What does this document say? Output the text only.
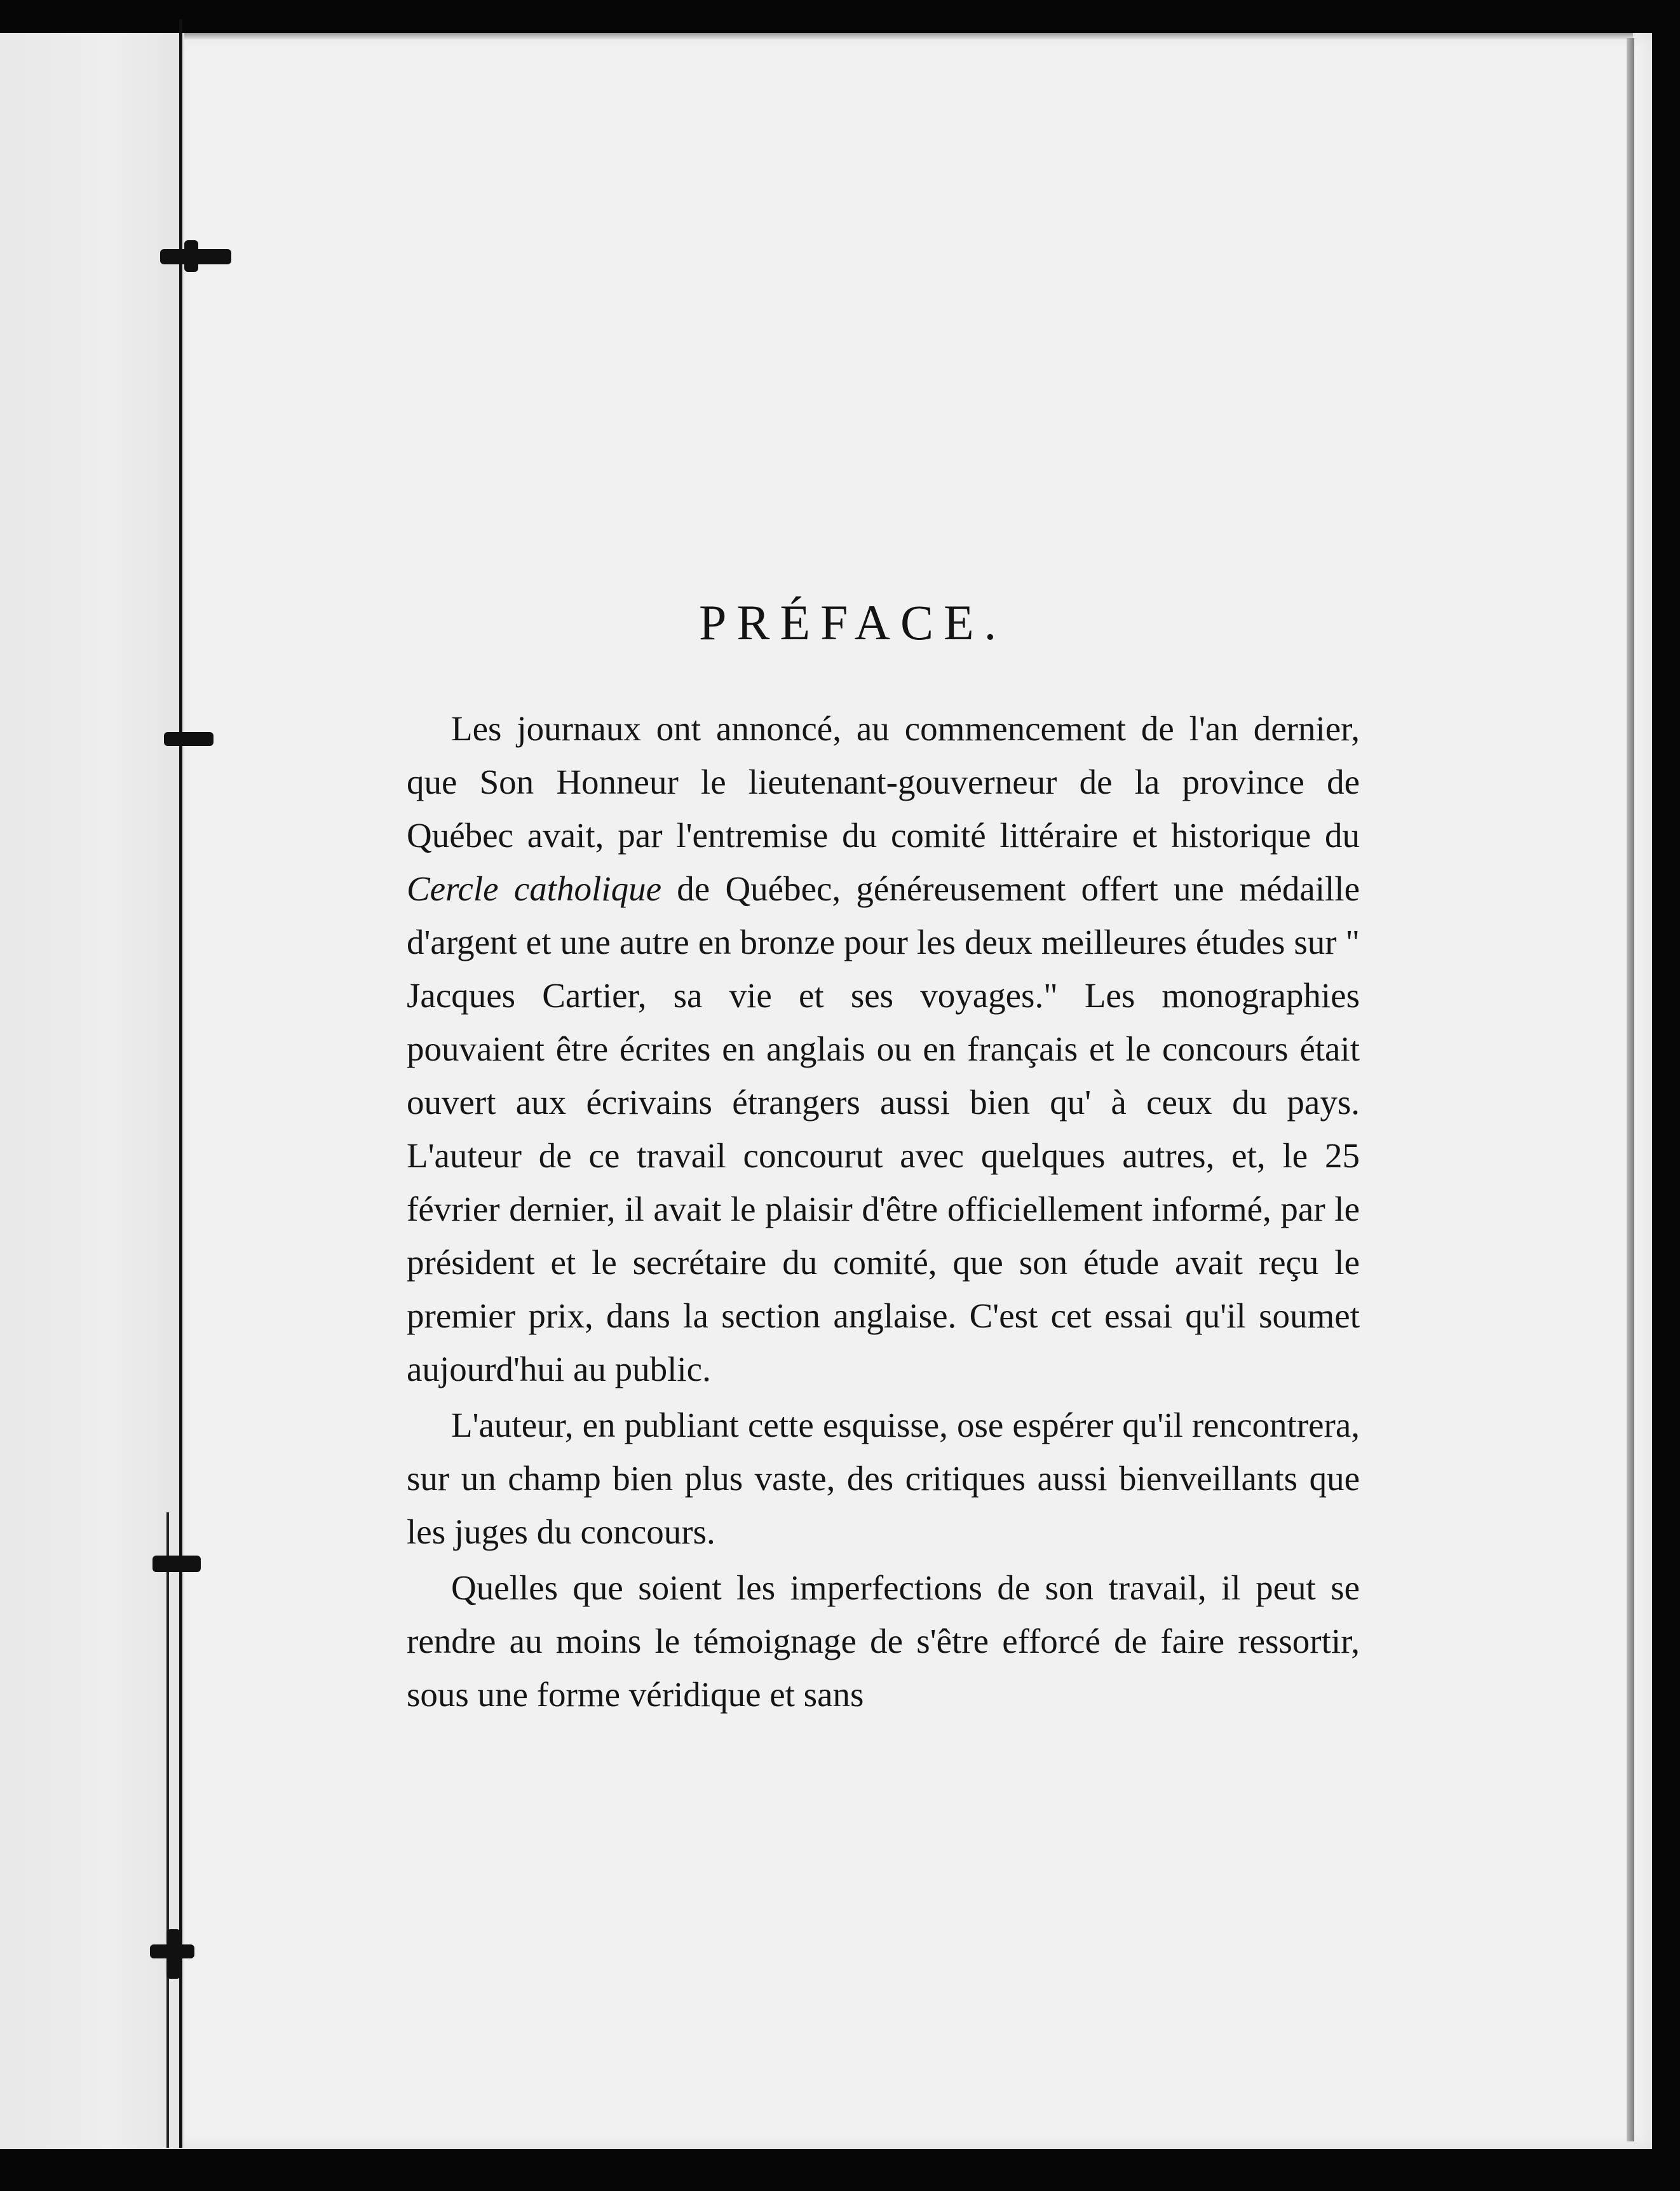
PRÉFACE.

Les journaux ont annoncé, au commencement de l'an dernier, que Son Honneur le lieutenant-gouverneur de la province de Québec avait, par l'entremise du comité littéraire et historique du Cercle catholique de Québec, généreusement offert une médaille d'argent et une autre en bronze pour les deux meilleures études sur " Jacques Cartier, sa vie et ses voyages." Les monographies pouvaient être écrites en anglais ou en français et le concours était ouvert aux écrivains étrangers aussi bien qu' à ceux du pays. L'auteur de ce travail concourut avec quelques autres, et, le 25 février dernier, il avait le plaisir d'être officiellement informé, par le président et le secrétaire du comité, que son étude avait reçu le premier prix, dans la section anglaise. C'est cet essai qu'il soumet aujourd'hui au public.

L'auteur, en publiant cette esquisse, ose espérer qu'il rencontrera, sur un champ bien plus vaste, des critiques aussi bienveillants que les juges du concours.

Quelles que soient les imperfections de son travail, il peut se rendre au moins le témoignage de s'être efforcé de faire ressortir, sous une forme véridique et sans
